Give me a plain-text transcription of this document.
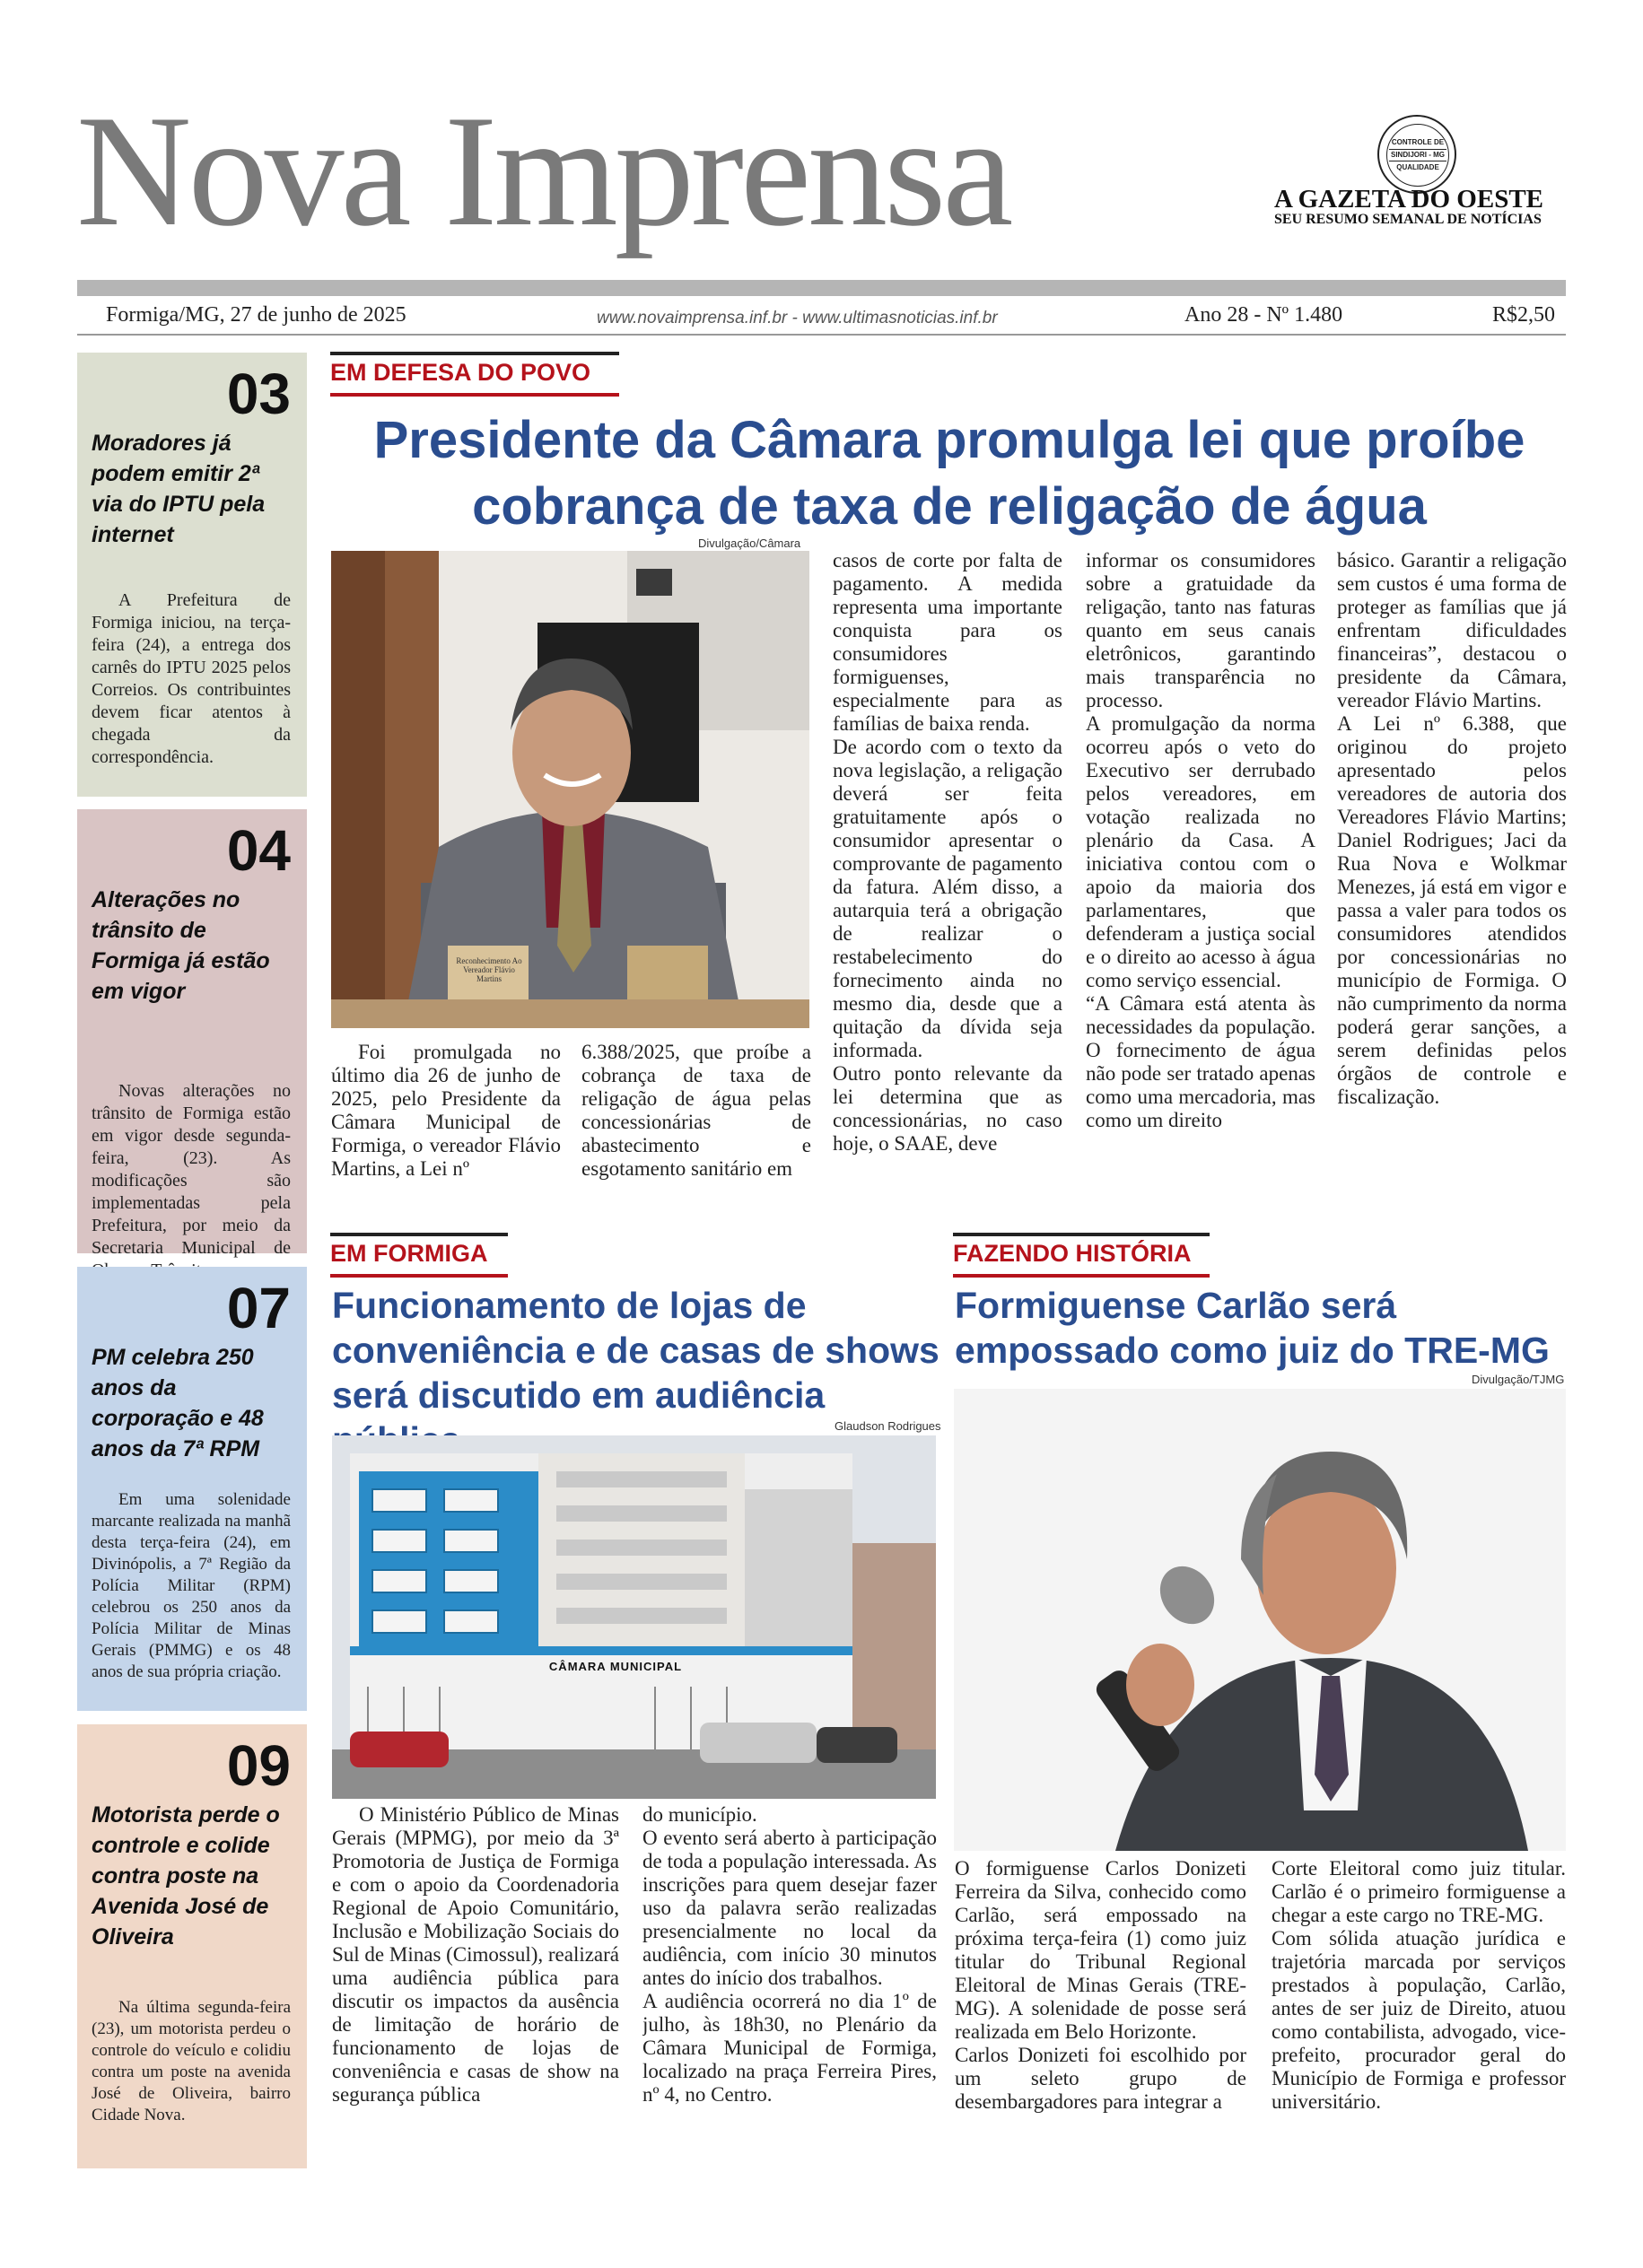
Nova Imprensa	CONTROLE DE
SINDIJORI - MG
QUALIDADE
A GAZETA DO OESTE
SEU RESUMO SEMANAL DE NOTÍCIAS
Formiga/MG, 27 de junho de 2025	www.novaimprensa.inf.br - www.ultimasnoticias.inf.br	Ano 28 - Nº 1.480	R$2,50
03
Moradores já podem emitir 2ª via do IPTU pela internet
A Prefeitura de Formiga iniciou, na terça-feira (24), a entrega dos carnês do IPTU 2025 pelos Correios. Os contribuintes devem ficar atentos à chegada da correspondência.
04
Alterações no trânsito de Formiga já estão em vigor
Novas alterações no trânsito de Formiga estão em vigor desde segunda-feira, (23). As modificações são implementadas pela Prefeitura, por meio da Secretaria Municipal de
07
PM celebra 250 anos da corporação e 48 anos da 7ª RPM
Em uma solenidade marcante realizada na manhã desta terça-feira (24), em Divinópolis, a 7ª Região da Polícia Militar (RPM) celebrou os 250 anos da Polícia Militar de Minas Gerais (PMMG) e os 48 anos de sua própria criação.
09
Motorista perde o controle e colide contra poste na Avenida José de Oliveira
Na última segunda-feira (23), um motorista perdeu o controle do veículo e colidiu contra um poste na avenida José de Oliveira, bairro Cidade Nova.
EM DEFESA DO POVO
Presidente da Câmara promulga lei que proíbe cobrança de taxa de religação de água
Divulgação/Câmara
Reconhecimento Ao Vereador Flávio Martins

Foi promulgada no último dia 26 de junho de 2025, pelo Presidente da Câmara Municipal de Formiga, o vereador Flávio Martins, a Lei nº

6.388/2025, que proíbe a cobrança de taxa de religação de água pelas concessionárias de abastecimento e esgotamento sanitário em

casos de corte por falta de pagamento. A medida representa uma importante conquista para os consumidores formiguenses, especialmente para as famílias de baixa renda.
De acordo com o texto da nova legislação, a religação deverá ser feita gratuitamente após o consumidor apresentar o comprovante de pagamento da fatura. Além disso, a autarquia terá a obrigação de realizar o restabelecimento do fornecimento ainda no mesmo dia, desde que a quitação da dívida seja informada.
Outro ponto relevante da lei determina que as concessionárias, no caso hoje, o SAAE, deve

informar os consumidores sobre a gratuidade da religação, tanto nas faturas quanto em seus canais eletrônicos, garantindo mais transparência no processo.
A promulgação da norma ocorreu após o veto do Executivo ser derrubado pelos vereadores, em votação realizada no plenário da Casa. A iniciativa contou com o apoio da maioria dos parlamentares, que defenderam a justiça social e o direito ao acesso à água como serviço essencial.
“A Câmara está atenta às necessidades da população. O fornecimento de água não pode ser tratado apenas como uma mercadoria, mas como um direito

básico. Garantir a religação sem custos é uma forma de proteger as famílias que já enfrentam dificuldades financeiras”, destacou o presidente da Câmara, vereador Flávio Martins.
A Lei nº 6.388, que originou do projeto apresentado pelos vereadores de autoria dos Vereadores Flávio Martins; Daniel Rodrigues; Jaci da Rua Nova e Wolkmar Menezes, já está em vigor e passa a valer para todos os consumidores atendidos por concessionárias no município de Formiga. O não cumprimento da norma poderá gerar sanções, a serem definidas pelos órgãos de controle e fiscalização.

EM FORMIGA
Funcionamento de lojas de conveniência e de casas de shows será discutido em audiência
Glaudson Rodrigues
CÂMARA MUNICIPAL

O Ministério Público de Minas Gerais (MPMG), por meio da 3ª Promotoria de Justiça de Formiga e com o apoio da Coordenadoria Regional de Apoio Comunitário, Inclusão e Mobilização Sociais do Sul de Minas (Cimossul), realizará uma audiência pública para discutir os impactos da ausência de limitação de horário de funcionamento de lojas de conveniência e casas de show na segurança pública

do município.
O evento será aberto à participação de toda a população interessada. As inscrições para quem desejar fazer uso da palavra serão realizadas presencialmente no local da audiência, com início 30 minutos antes do início dos trabalhos.
A audiência ocorrerá no dia 1º de julho, às 18h30, no Plenário da Câmara Municipal de Formiga, localizado na praça Ferreira Pires, nº 4, no Centro.

FAZENDO HISTÓRIA
Formiguense Carlão será empossado como juiz do TRE-MG
Divulgação/TJMG

O formiguense Carlos Donizeti Ferreira da Silva, conhecido como Carlão, será empossado na próxima terça-feira (1) como juiz titular do Tribunal Regional Eleitoral de Minas Gerais (TRE-MG). A solenidade de posse será realizada em Belo Horizonte.
Carlos Donizeti foi escolhido por um seleto grupo de desembargadores para integrar a

Corte Eleitoral como juiz titular. Carlão é o primeiro formiguense a chegar a este cargo no TRE-MG.
Com sólida atuação jurídica e trajetória marcada por serviços prestados à população, Carlão, antes de ser juiz de Direito, atuou como contabilista, advogado, vice-prefeito, procurador geral do Município de Formiga e professor universitário.
